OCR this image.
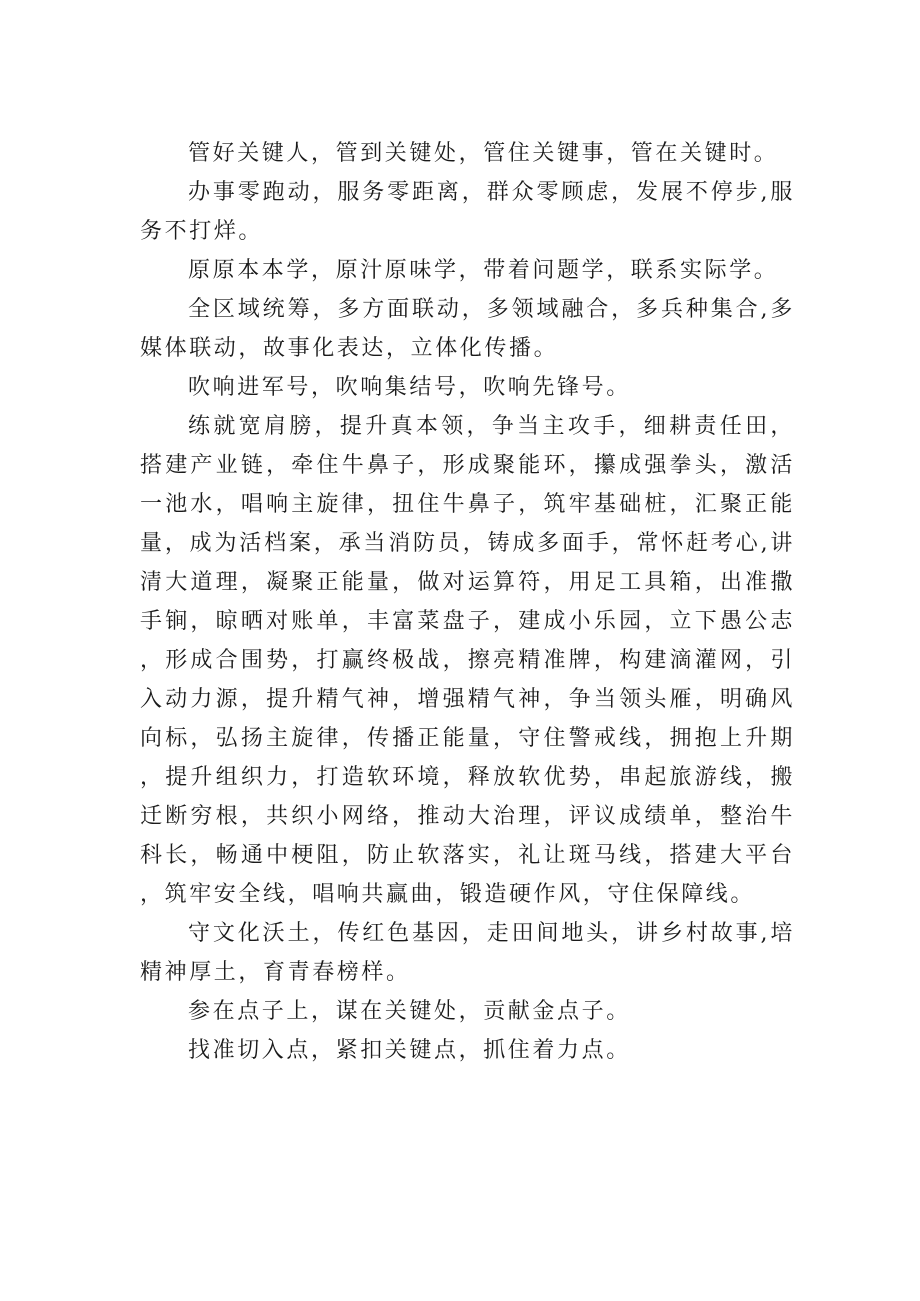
管好关键人，管到关键处，管住关键事，管在关键时。

办事零跑动，服务零距离，群众零顾虑，发展不停步,服务不打烊。

原原本本学，原汁原味学，带着问题学，联系实际学。

全区域统筹，多方面联动，多领域融合，多兵种集合,多媒体联动，故事化表达，立体化传播。

吹响进军号，吹响集结号，吹响先锋号。

练就宽肩膀，提升真本领，争当主攻手，细耕责任田，搭建产业链，牵住牛鼻子，形成聚能环，攥成强拳头，激活一池水，唱响主旋律，扭住牛鼻子，筑牢基础桩，汇聚正能量，成为活档案，承当消防员，铸成多面手，常怀赶考心,讲清大道理，凝聚正能量，做对运算符，用足工具箱，出准撒手锏，晾晒对账单，丰富菜盘子，建成小乐园，立下愚公志，形成合围势，打赢终极战，擦亮精准牌，构建滴灌网，引入动力源，提升精气神，增强精气神，争当领头雁，明确风向标，弘扬主旋律，传播正能量，守住警戒线，拥抱上升期，提升组织力，打造软环境，释放软优势，串起旅游线，搬迁断穷根，共织小网络，推动大治理，评议成绩单，整治牛科长，畅通中梗阻，防止软落实，礼让斑马线，搭建大平台，筑牢安全线，唱响共赢曲，锻造硬作风，守住保障线。

守文化沃土，传红色基因，走田间地头，讲乡村故事,培精神厚土，育青春榜样。

参在点子上，谋在关键处，贡献金点子。

找准切入点，紧扣关键点，抓住着力点。
